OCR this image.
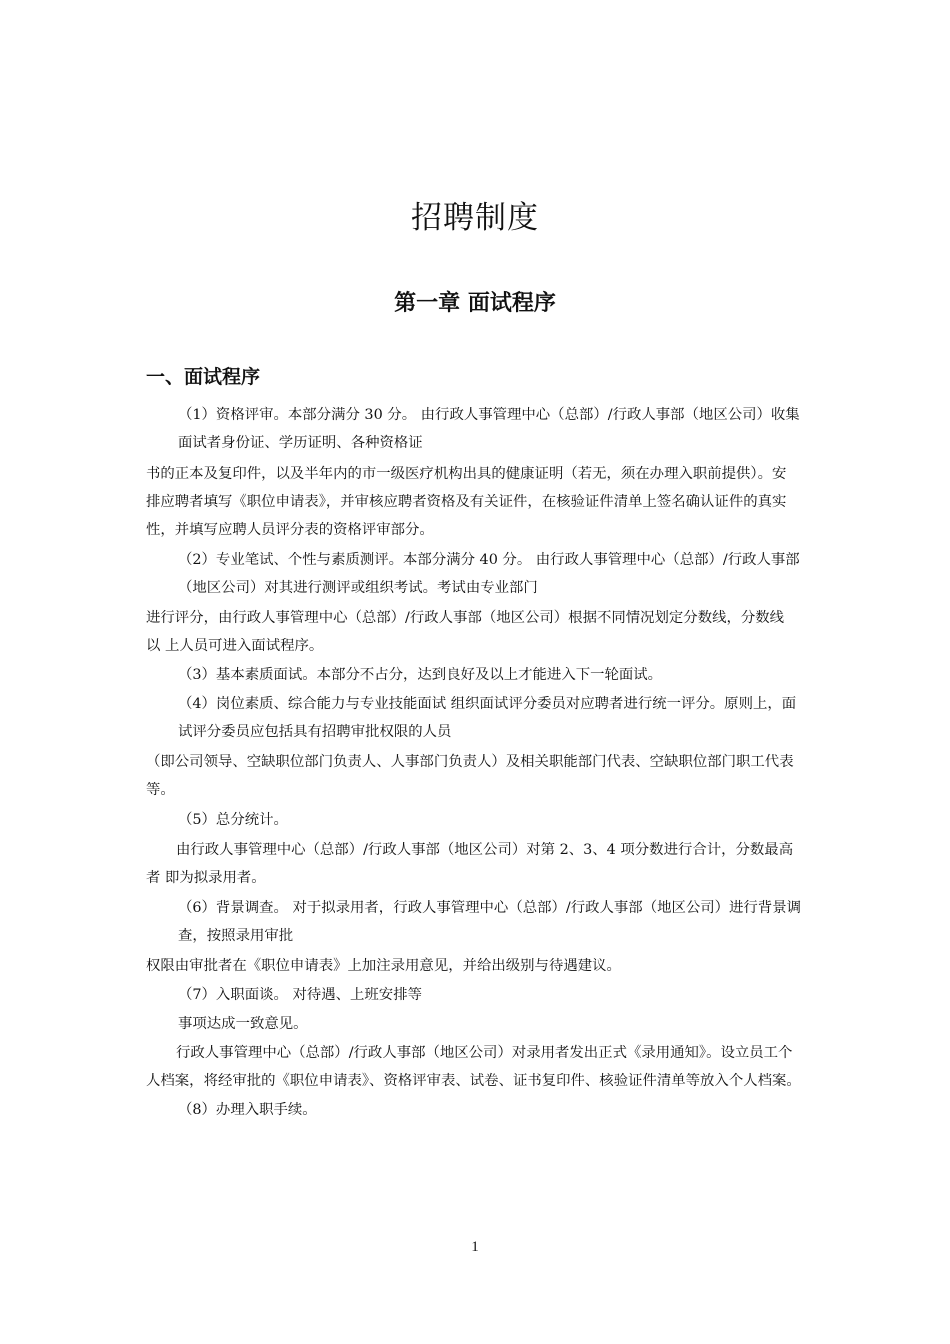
招聘制度
第一章 面试程序
一、面试程序
（1）资格评审。本部分满分 30 分。 由行政人事管理中心（总部）/行政人事部（地区公司）收集
面试者身份证、学历证明、各种资格证
书的正本及复印件，以及半年内的市一级医疗机构出具的健康证明（若无，须在办理入职前提供）。安
排应聘者填写《职位申请表》，并审核应聘者资格及有关证件，在核验证件清单上签名确认证件的真实
性，并填写应聘人员评分表的资格评审部分。
（2）专业笔试、个性与素质测评。本部分满分 40 分。 由行政人事管理中心（总部）/行政人事部
（地区公司）对其进行测评或组织考试。考试由专业部门
进行评分，由行政人事管理中心（总部）/行政人事部（地区公司）根据不同情况划定分数线，分数线
以 上人员可进入面试程序。
（3）基本素质面试。本部分不占分，达到良好及以上才能进入下一轮面试。
（4）岗位素质、综合能力与专业技能面试 组织面试评分委员对应聘者进行统一评分。原则上，面
试评分委员应包括具有招聘审批权限的人员
（即公司领导、空缺职位部门负责人、人事部门负责人）及相关职能部门代表、空缺职位部门职工代表
等。
（5）总分统计。
由行政人事管理中心（总部）/行政人事部（地区公司）对第 2、3、4 项分数进行合计，分数最高
者 即为拟录用者。
（6）背景调查。 对于拟录用者，行政人事管理中心（总部）/行政人事部（地区公司）进行背景调
查，按照录用审批
权限由审批者在《职位申请表》上加注录用意见，并给出级别与待遇建议。
（7）入职面谈。 对待遇、上班安排等
事项达成一致意见。
行政人事管理中心（总部）/行政人事部（地区公司）对录用者发出正式《录用通知》。设立员工个
人档案，将经审批的《职位申请表》、资格评审表、试卷、证书复印件、核验证件清单等放入个人档案。
（8）办理入职手续。
1
